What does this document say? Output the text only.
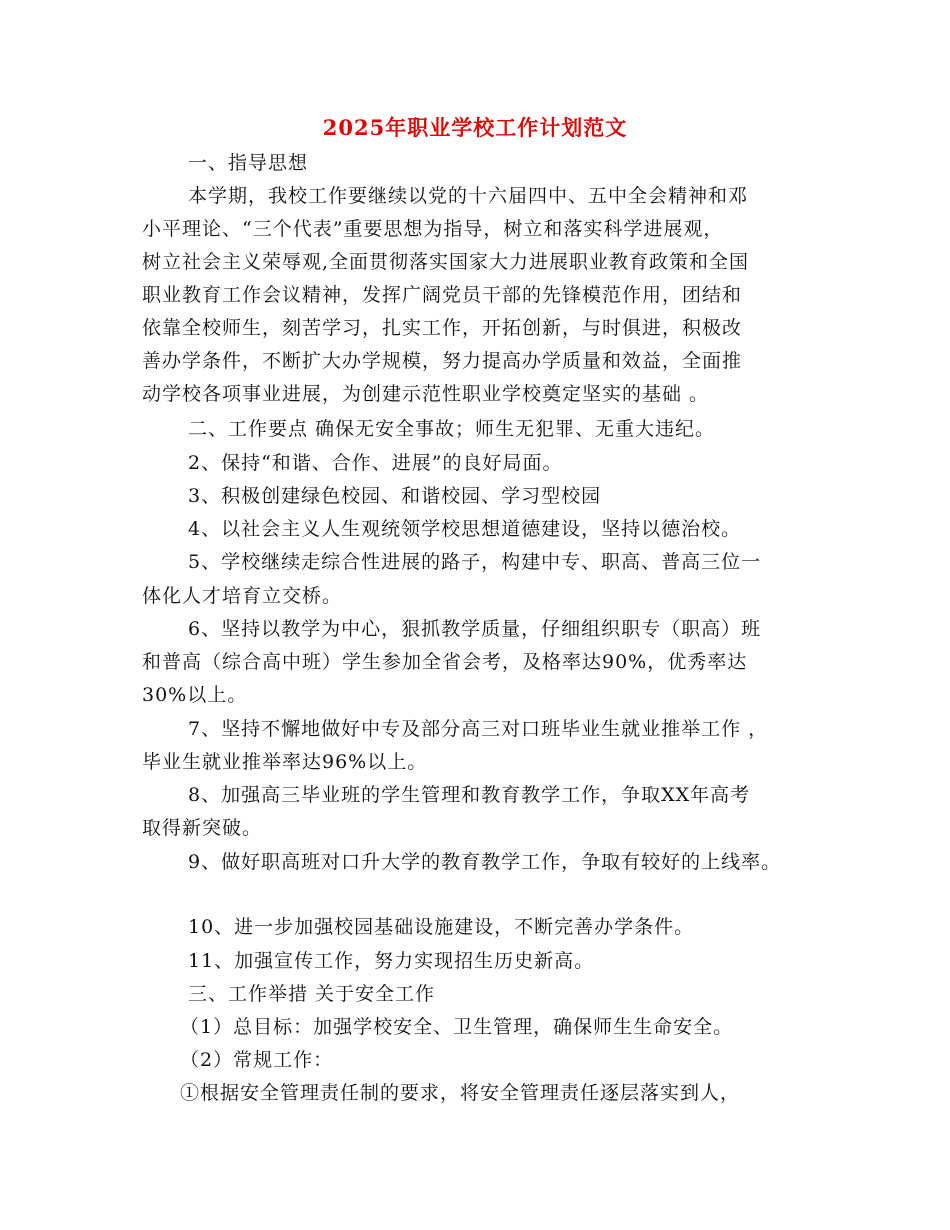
2025年职业学校工作计划范文
一、指导思想
本学期，我校工作要继续以党的十六届四中、五中全会精神和邓
小平理论、“三个代表”重要思想为指导，树立和落实科学进展观，
树立社会主义荣辱观,全面贯彻落实国家大力进展职业教育政策和全国
职业教育工作会议精神，发挥广阔党员干部的先锋模范作用，团结和
依靠全校师生，刻苦学习，扎实工作，开拓创新，与时俱进，积极改
善办学条件，不断扩大办学规模，努力提高办学质量和效益，全面推
动学校各项事业进展，为创建示范性职业学校奠定坚实的基础 。
二、工作要点 确保无安全事故；师生无犯罪、无重大违纪。
2、保持“和谐、合作、进展”的良好局面。
3、积极创建绿色校园、和谐校园、学习型校园
4、以社会主义人生观统领学校思想道德建设，坚持以德治校。
5、学校继续走综合性进展的路子，构建中专、职高、普高三位一
体化人才培育立交桥。
6、坚持以教学为中心，狠抓教学质量，仔细组织职专（职高）班
和普高（综合高中班）学生参加全省会考，及格率达90%，优秀率达
30%以上。
7、坚持不懈地做好中专及部分高三对口班毕业生就业推举工作 ，
毕业生就业推举率达96%以上。
8、加强高三毕业班的学生管理和教育教学工作，争取XX年高考
取得新突破。
9、做好职高班对口升大学的教育教学工作，争取有较好的上线率。
10、进一步加强校园基础设施建设，不断完善办学条件。
11、加强宣传工作，努力实现招生历史新高。
三、工作举措 关于安全工作
（1）总目标：加强学校安全、卫生管理，确保师生生命安全。
（2）常规工作：
①根据安全管理责任制的要求，将安全管理责任逐层落实到人，
